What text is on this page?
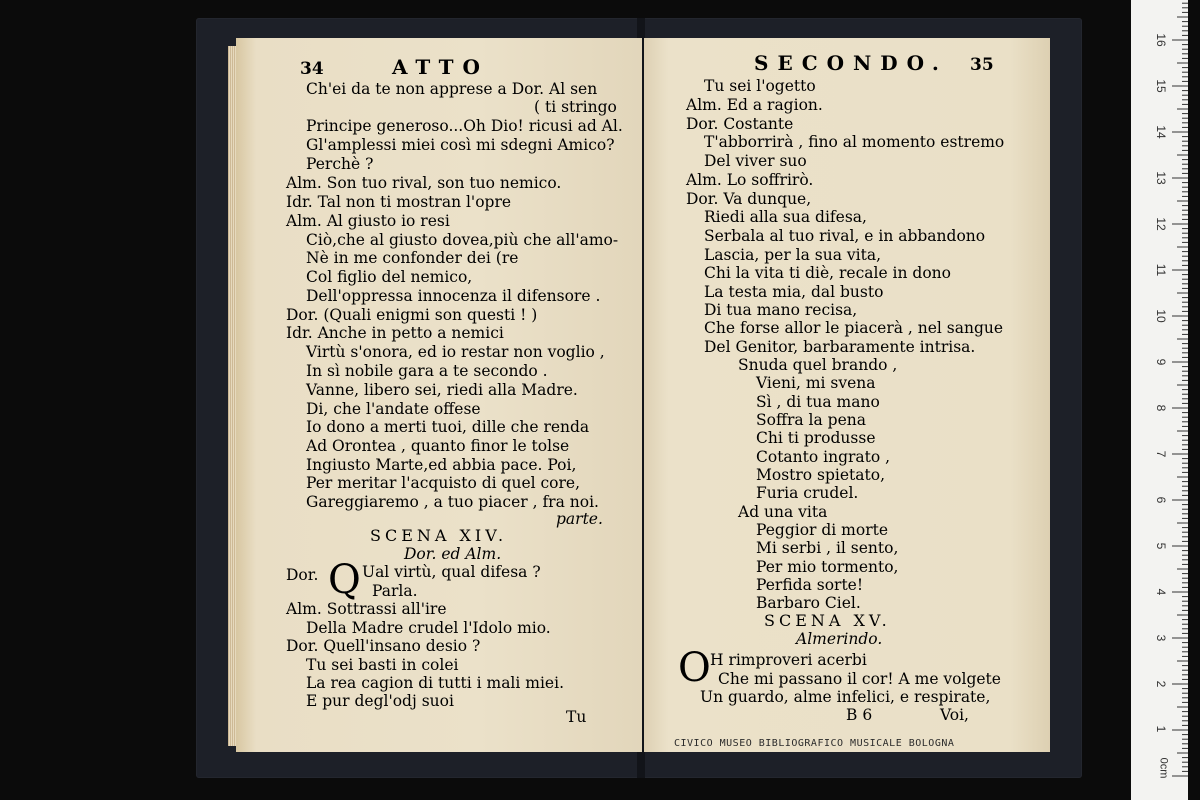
34	ATTO
Ch'ei da te non apprese a Dor. Al sen
( ti stringo
Principe generoso...Oh Dio! ricusi ad Al.
Gl'amplessi miei così mi sdegni Amico?
Perchè ?
Alm. Son tuo rival, son tuo nemico.
Idr. Tal non ti mostran l'opre
Alm. Al giusto io resi
Ciò,che al giusto dovea,più che all'amo-
Nè in me confonder dei (re
Col figlio del nemico,
Dell'oppressa innocenza il difensore .
Dor. (Quali enigmi son questi ! )
Idr. Anche in petto a nemici
Virtù s'onora, ed io restar non voglio ,
In sì nobile gara a te secondo .
Vanne, libero sei, riedi alla Madre.
Di, che l'andate offese
Io dono a merti tuoi, dille che renda
Ad Orontea , quanto finor le tolse
Ingiusto Marte,ed abbia pace. Poi,
Per meritar l'acquisto di quel core,
Gareggiaremo , a tuo piacer , fra noi.
parte.
SCENA XIV.
Dor. ed Alm.
Dor. Q Ual virtù, qual difesa ?
Parla.
Alm. Sottrassi all'ire
Della Madre crudel l'Idolo mio.
Dor. Quell'insano desio ?
Tu sei basti in colei
La rea cagion di tutti i mali miei.
E pur degl'odj suoi
Tu
SECONDO. 35
Tu sei l'ogetto
Alm. Ed a ragion.
Dor. Costante
T'abborrirà , fino al momento estremo
Del viver suo
Alm. Lo soffrirò.
Dor. Va dunque,
Riedi alla sua difesa,
Serbala al tuo rival, e in abbandono
Lascia, per la sua vita,
Chi la vita ti diè, recale in dono
La testa mia, dal busto
Di tua mano recisa,
Che forse allor le piacerà , nel sangue
Del Genitor, barbaramente intrisa.
Snuda quel brando ,
Vieni, mi svena
Sì , di tua mano
Soffra la pena
Chi ti produsse
Cotanto ingrato ,
Mostro spietato,
Furia crudel.
Ad una vita
Peggior di morte
Mi serbi , il sento,
Per mio tormento,
Perfida sorte!
Barbaro Ciel.
SCENA XV.
Almerindo.
O H rimproveri acerbi
Che mi passano il cor! A me volgete
Un guardo, alme infelici, e respirate,
B 6	Voi,
CIVICO MUSEO BIBLIOGRAFICO MUSICALE BOLOGNA
0cm
1
2
3
4
5
6
7
8
9
10
11
12
13
14
15
16
